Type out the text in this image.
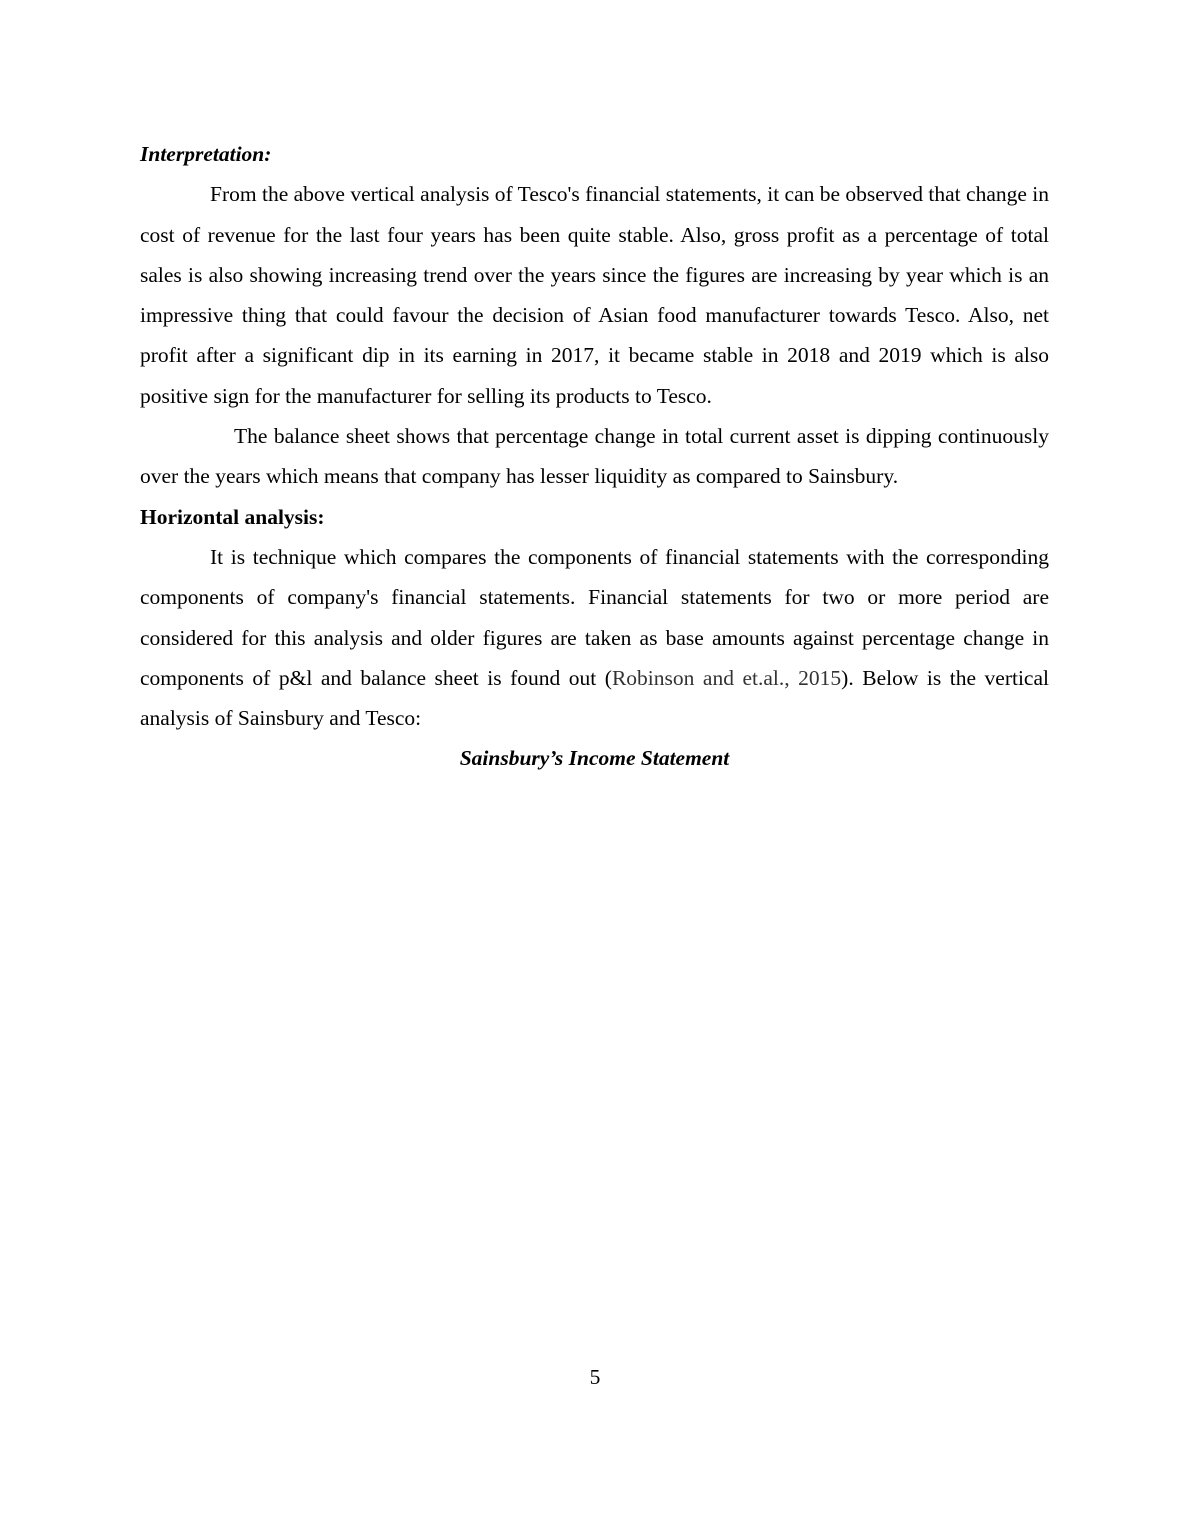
Interpretation:

From the above vertical analysis of Tesco's financial statements, it can be observed that change in cost of revenue for the last four years has been quite stable. Also, gross profit as a percentage of total sales is also showing increasing trend over the years since the figures are increasing by year which is an impressive thing that could favour the decision of Asian food manufacturer towards Tesco. Also, net profit after a significant dip in its earning in 2017, it became stable in 2018 and 2019 which is also positive sign for the manufacturer for selling its products to Tesco.

The balance sheet shows that percentage change in total current asset is dipping continuously over the years which means that company has lesser liquidity as compared to Sainsbury.

Horizontal analysis:

It is technique which compares the components of financial statements with the corresponding components of company's financial statements. Financial statements for two or more period are considered for this analysis and older figures are taken as base amounts against percentage change in components of p&l and balance sheet is found out (Robinson and et.al., 2015). Below is the vertical analysis of Sainsbury and Tesco:

Sainsbury’s Income Statement

5
